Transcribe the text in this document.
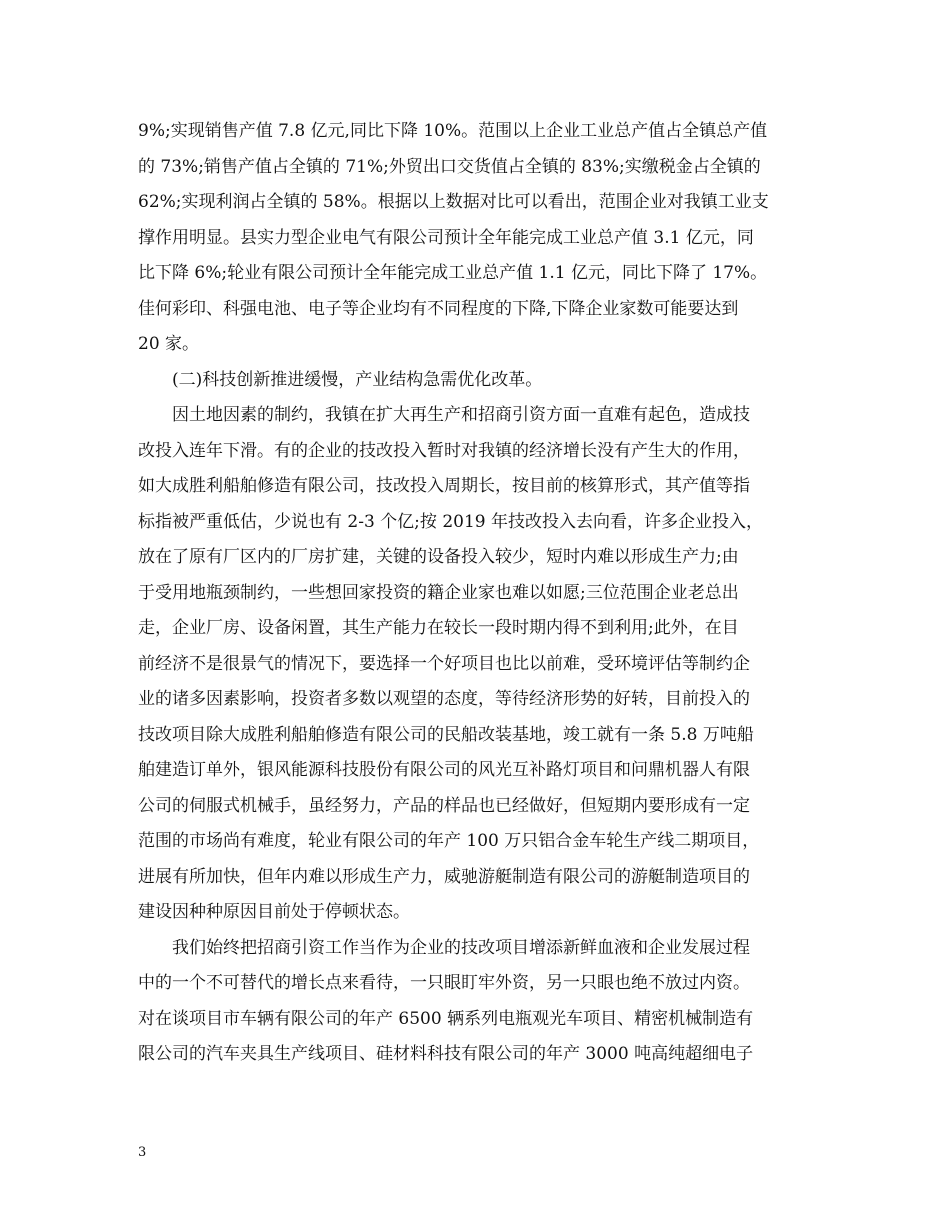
9%;实现销售产值 7.8 亿元,同比下降 10%。范围以上企业工业总产值占全镇总产值
的 73%;销售产值占全镇的 71%;外贸出口交货值占全镇的 83%;实缴税金占全镇的
62%;实现利润占全镇的 58%。根据以上数据对比可以看出，范围企业对我镇工业支
撑作用明显。县实力型企业电气有限公司预计全年能完成工业总产值 3.1 亿元，同
比下降 6%;轮业有限公司预计全年能完成工业总产值 1.1 亿元，同比下降了 17%。
佳何彩印、科强电池、电子等企业均有不同程度的下降,下降企业家数可能要达到
20 家。
　　(二)科技创新推进缓慢，产业结构急需优化改革。
　　因土地因素的制约，我镇在扩大再生产和招商引资方面一直难有起色，造成技
改投入连年下滑。有的企业的技改投入暂时对我镇的经济增长没有产生大的作用，
如大成胜利船舶修造有限公司，技改投入周期长，按目前的核算形式，其产值等指
标指被严重低估，少说也有 2-3 个亿;按 2019 年技改投入去向看，许多企业投入，
放在了原有厂区内的厂房扩建，关键的设备投入较少，短时内难以形成生产力;由
于受用地瓶颈制约，一些想回家投资的籍企业家也难以如愿;三位范围企业老总出
走，企业厂房、设备闲置，其生产能力在较长一段时期内得不到利用;此外，在目
前经济不是很景气的情况下，要选择一个好项目也比以前难，受环境评估等制约企
业的诸多因素影响，投资者多数以观望的态度，等待经济形势的好转，目前投入的
技改项目除大成胜利船舶修造有限公司的民船改装基地，竣工就有一条 5.8 万吨船
舶建造订单外，银风能源科技股份有限公司的风光互补路灯项目和问鼎机器人有限
公司的伺服式机械手，虽经努力，产品的样品也已经做好，但短期内要形成有一定
范围的市场尚有难度，轮业有限公司的年产 100 万只铝合金车轮生产线二期项目，
进展有所加快，但年内难以形成生产力，威驰游艇制造有限公司的游艇制造项目的
建设因种种原因目前处于停顿状态。
　　我们始终把招商引资工作当作为企业的技改项目增添新鲜血液和企业发展过程
中的一个不可替代的增长点来看待，一只眼盯牢外资，另一只眼也绝不放过内资。
对在谈项目市车辆有限公司的年产 6500 辆系列电瓶观光车项目、精密机械制造有
限公司的汽车夹具生产线项目、硅材料科技有限公司的年产 3000 吨高纯超细电子
3
